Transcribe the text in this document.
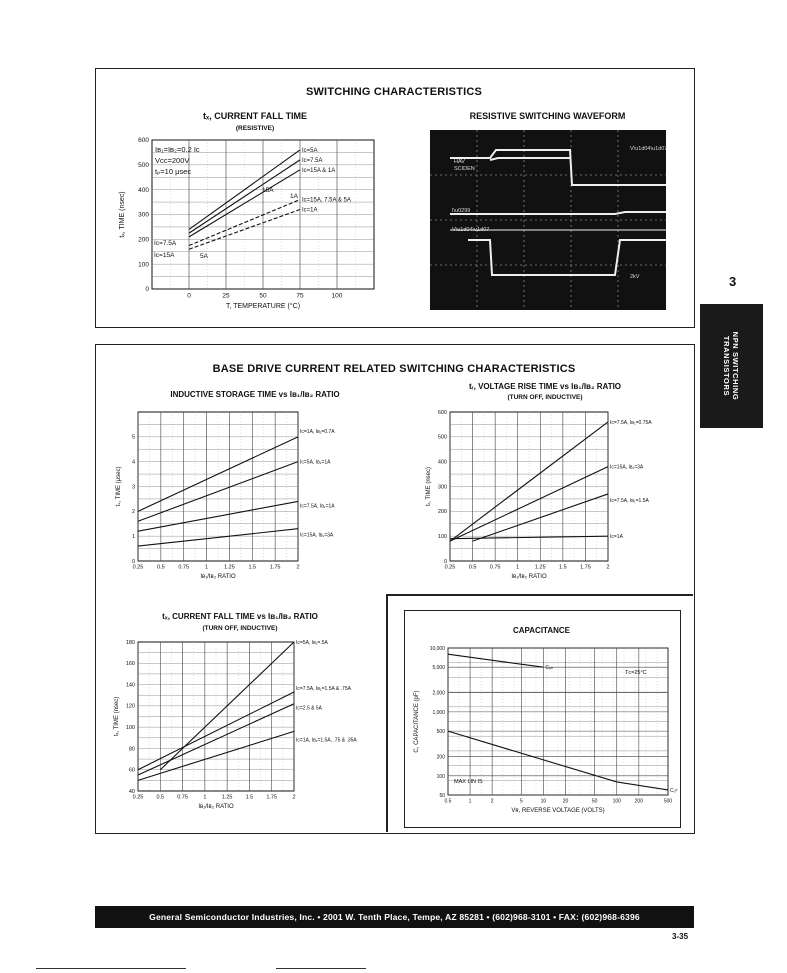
SWITCHING CHARACTERISTICS
tₓ, CURRENT FALL TIME
(RESISTIVE)
0	25	50	75	100
0
100
200
300
400
500
600
Iᴄ=5A
Iᴄ=7.5A
Iᴄ=15A & 1A
Iᴄ=15A, 7.5A & 5A
Iᴄ=1A
T, TEMPERATURE (°C)
tₓ, TIME (nsec)
Iʙ₁=Iʙ₂=0.2 Iᴄ
Vᴄᴄ=200V
tₚ=10 μsec
Iᴄ=7.5A
Iᴄ=15A	5A
1A
15A
RESISTIVE SWITCHING WAVEFORM
HAV
SCIDEN
I\u0299
V\u1d04\u1d07
2kV
V\u1d04\u1d07
3
NPN SWITCHING
TRANSISTORS
BASE DRIVE CURRENT RELATED SWITCHING CHARACTERISTICS
INDUCTIVE STORAGE TIME vs Iʙ₁/Iʙ₂ RATIO
0.25 0.5 0.75	1	1.25 1.5 1.75	2
0
1
2
3
4
5
Iᴄ=1A, Iʙ₁=0.7A
Iᴄ=5A, Iʙ₁=1A
Iᴄ=7.5A, Iʙ₁=1A
Iᴄ=15A, Iʙ₁=3A
Iʙ₁/Iʙ₂ RATIO
tₛ, TIME (μsec)
tᵣ, VOLTAGE RISE TIME vs Iʙ₁/Iʙ₂ RATIO
(TURN OFF, INDUCTIVE)
0.25 0.5 0.75	1	1.25 1.5 1.75	2
0
100
200
300
400
500
600
Iᴄ=7.5A, Iʙ₁=0.75A
Iᴄ=15A, Iʙ₁=3A
Iᴄ=7.5A, Iʙ₁=1.5A
Iᴄ=1A
Iʙ₁/Iʙ₂ RATIO
tᵣ, TIME (nsec)
tₓ, CURRENT FALL TIME vs Iʙ₁/Iʙ₂ RATIO
(TURN OFF, INDUCTIVE)
0.25 0.5 0.75	1	1.25 1.5 1.75	2
40
60
80
100
120
140
160
180	Iᴄ=5A, Iʙ₁=.5A
Iᴄ=7.5A, Iʙ₁=1.5A & .75A
Iᴄ=2.5 & 5A
Iᴄ=1A, Iʙ₁=1.5A, .75 & .35A
Iʙ₁/Iʙ₂ RATIO
tₓ, TIME (nsec)
CAPACITANCE
0.5	1	2	5	10	20	50	100	200	500
50
100
200
500
1,000
2,000
5,000
10,000
Cₑₙ
Cₒᵇ
Vʀ, REVERSE VOLTAGE (VOLTS)
C, CAPACITANCE (pF)
Tᴄ=25°C
MAX LIN IS
General Semiconductor Industries, Inc. • 2001 W. Tenth Place, Tempe, AZ 85281 • (602)968-3101 • FAX: (602)968-6396
3-35
